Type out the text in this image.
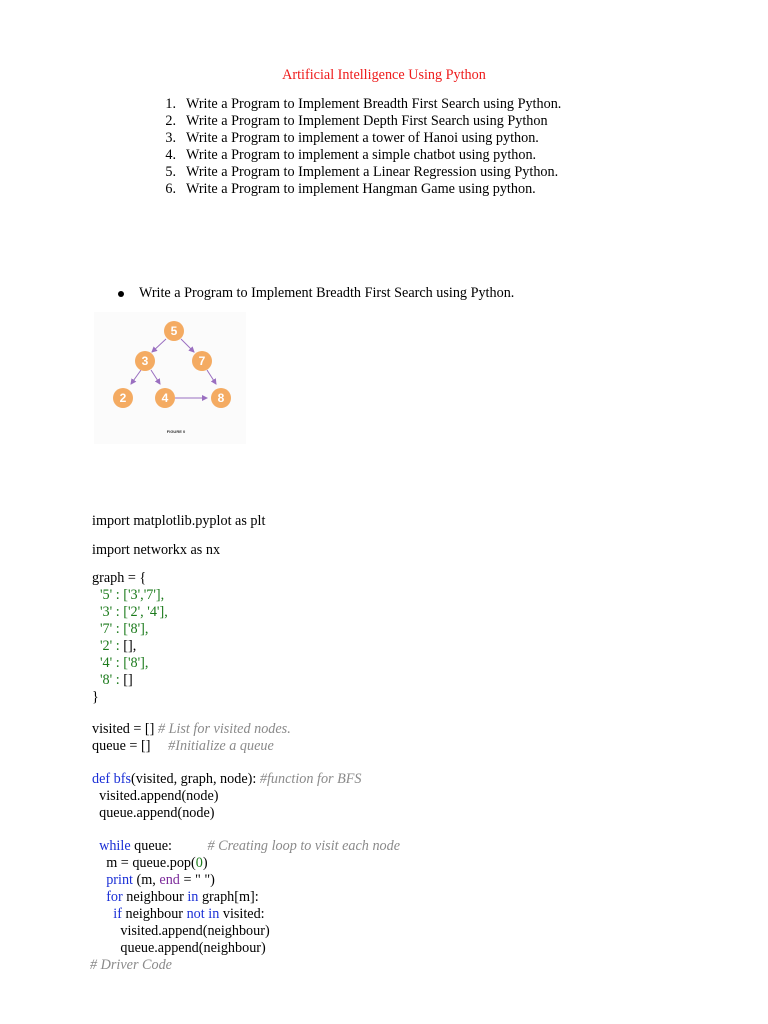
Artificial Intelligence Using Python
1. Write a Program to Implement Breadth First Search using Python.
2. Write a Program to Implement Depth First Search using Python
3. Write a Program to implement a tower of Hanoi using python.
4. Write a Program to implement a simple chatbot using python.
5. Write a Program to Implement a Linear Regression using Python.
6. Write a Program to implement Hangman Game using python.

Write a Program to Implement Breadth First Search using Python.

5
3	7
2	4	8
FIGURE 0
import matplotlib.pyplot as plt
import networkx as nx
graph = {
'5' : ['3','7'],
'3' : ['2', '4'],
'7' : ['8'],
'2' : [],
'4' : ['8'],
'8' : []
}
visited = [] # List for visited nodes.
queue = []     #Initialize a queue
def bfs(visited, graph, node): #function for BFS
visited.append(node)
queue.append(node)
while queue:          # Creating loop to visit each node
m = queue.pop(0)
print (m, end = " ")
for neighbour in graph[m]:
if neighbour not in visited:
visited.append(neighbour)
queue.append(neighbour)
# Driver Code
